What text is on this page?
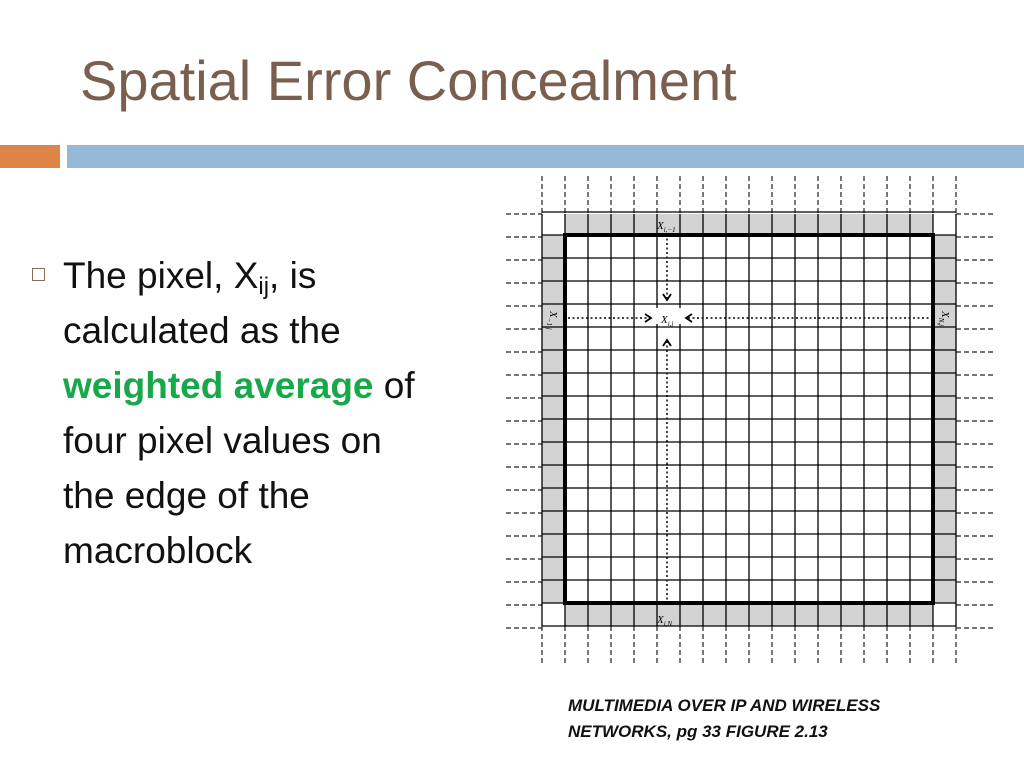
Spatial Error Concealment
The pixel, $X_{ij}$, is
calculated as the
weighted average of
four pixel values on
the edge of the
macroblock
$X_{i,-1}$
$X_{i,N}$
$X_{i,j}$
$X_{-1,j}$
$X_{N,j}$
MULTIMEDIA OVER IP AND WIRELESS
NETWORKS, pg 33 FIGURE 2.13
